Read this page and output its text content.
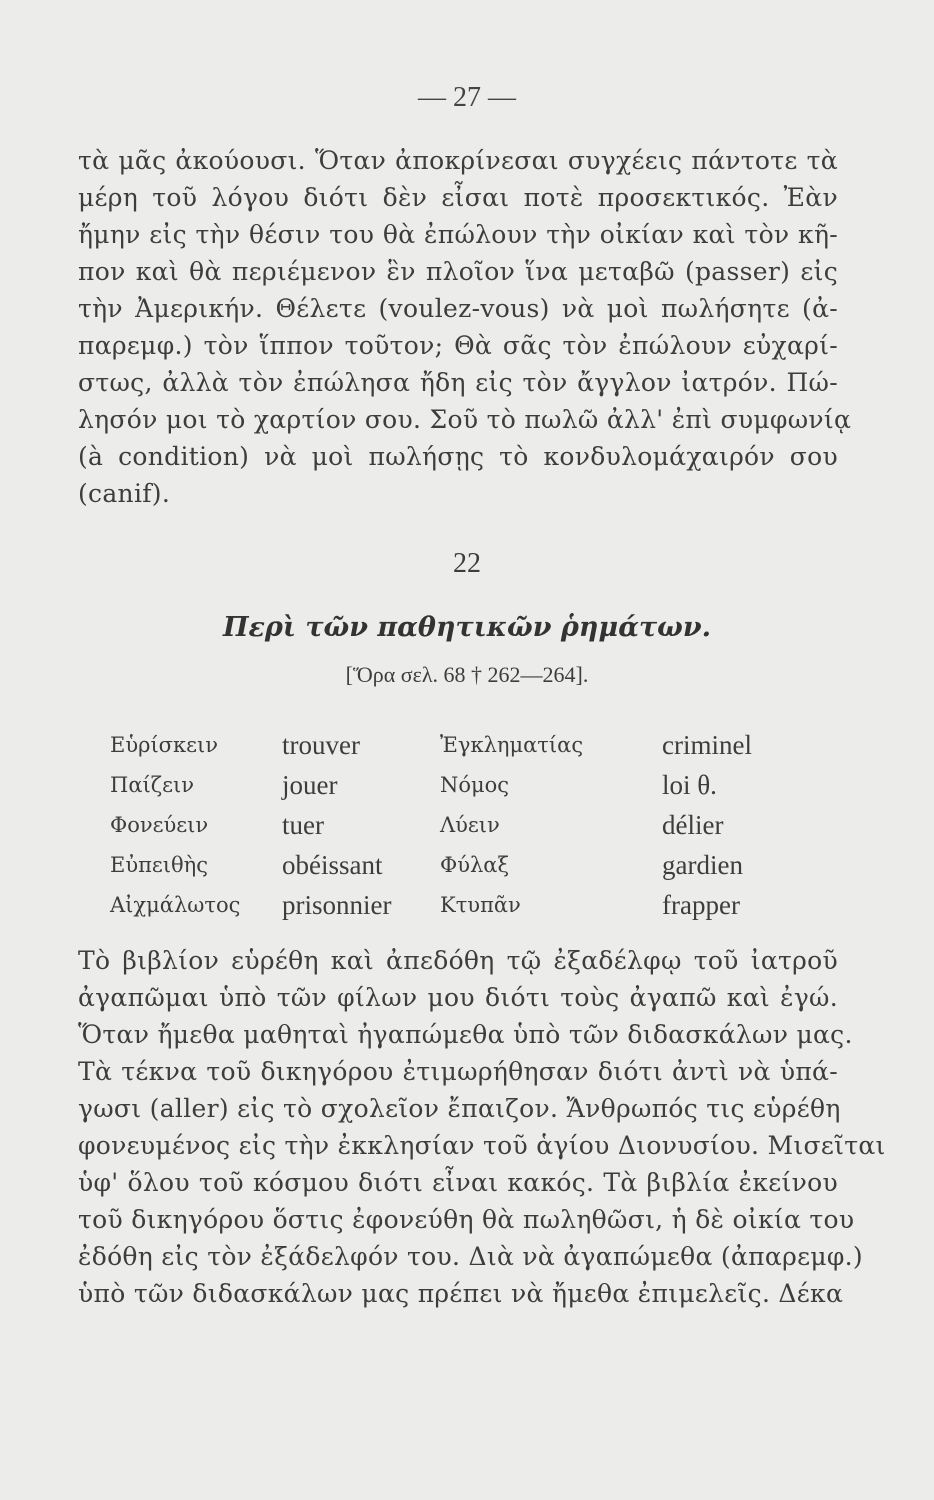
— 27 —
τὰ μᾶς ἀκούουσι. Ὅταν ἀποκρίνεσαι συγχέεις πάντοτε τὰ
μέρη τοῦ λόγου διότι δὲν εἶσαι ποτὲ προσεκτικός. Ἐὰν
ἤμην εἰς τὴν θέσιν του θὰ ἐπώλουν τὴν οἰκίαν καὶ τὸν κῆ-
πον καὶ θὰ περιέμενον ἓν πλοῖον ἵνα μεταβῶ (passer) εἰς
τὴν Ἀμερικήν. Θέλετε (voulez-vous) νὰ μοὶ πωλήσητε (ἀ-
παρεμφ.) τὸν ἵππον τοῦτον; Θὰ σᾶς τὸν ἐπώλουν εὐχαρί-
στως, ἀλλὰ τὸν ἐπώλησα ἤδη εἰς τὸν ἄγγλον ἰατρόν. Πώ-
λησόν μοι τὸ χαρτίον σου. Σοῦ τὸ πωλῶ ἀλλ' ἐπὶ συμφωνίᾳ
(à condition) νὰ μοὶ πωλήσῃς τὸ κονδυλομάχαιρόν σου
(canif).
22
Περὶ τῶν παθητικῶν ῥημάτων.
[Ὅρα σελ. 68 † 262—264].
Εὑρίσκειν	trouver	Ἐγκληματίας	criminel
Παίζειν	jouer	Νόμος	loi θ.
Φονεύειν	tuer	Λύειν	délier
Εὐπειθὴς	obéissant	Φύλαξ	gardien
Αἰχμάλωτος	prisonnier	Κτυπᾶν	frapper
Τὸ βιβλίον εὑρέθη καὶ ἀπεδόθη τῷ ἐξαδέλφῳ τοῦ ἰατροῦ
ἀγαπῶμαι ὑπὸ τῶν φίλων μου διότι τοὺς ἀγαπῶ καὶ ἐγώ.
Ὅταν ἤμεθα μαθηταὶ ἠγαπώμεθα ὑπὸ τῶν διδασκάλων μας.
Τὰ τέκνα τοῦ δικηγόρου ἐτιμωρήθησαν διότι ἀντὶ νὰ ὑπά-
γωσι (aller) εἰς τὸ σχολεῖον ἔπαιζον. Ἄνθρωπός τις εὑρέθη
φονευμένος εἰς τὴν ἐκκλησίαν τοῦ ἁγίου Διονυσίου. Μισεῖται
ὑφ' ὅλου τοῦ κόσμου διότι εἶναι κακός. Τὰ βιβλία ἐκείνου
τοῦ δικηγόρου ὅστις ἐφονεύθη θὰ πωληθῶσι, ἡ δὲ οἰκία του
ἐδόθη εἰς τὸν ἐξάδελφόν του. Διὰ νὰ ἀγαπώμεθα (ἀπαρεμφ.)
ὑπὸ τῶν διδασκάλων μας πρέπει νὰ ἤμεθα ἐπιμελεῖς. Δέκα
